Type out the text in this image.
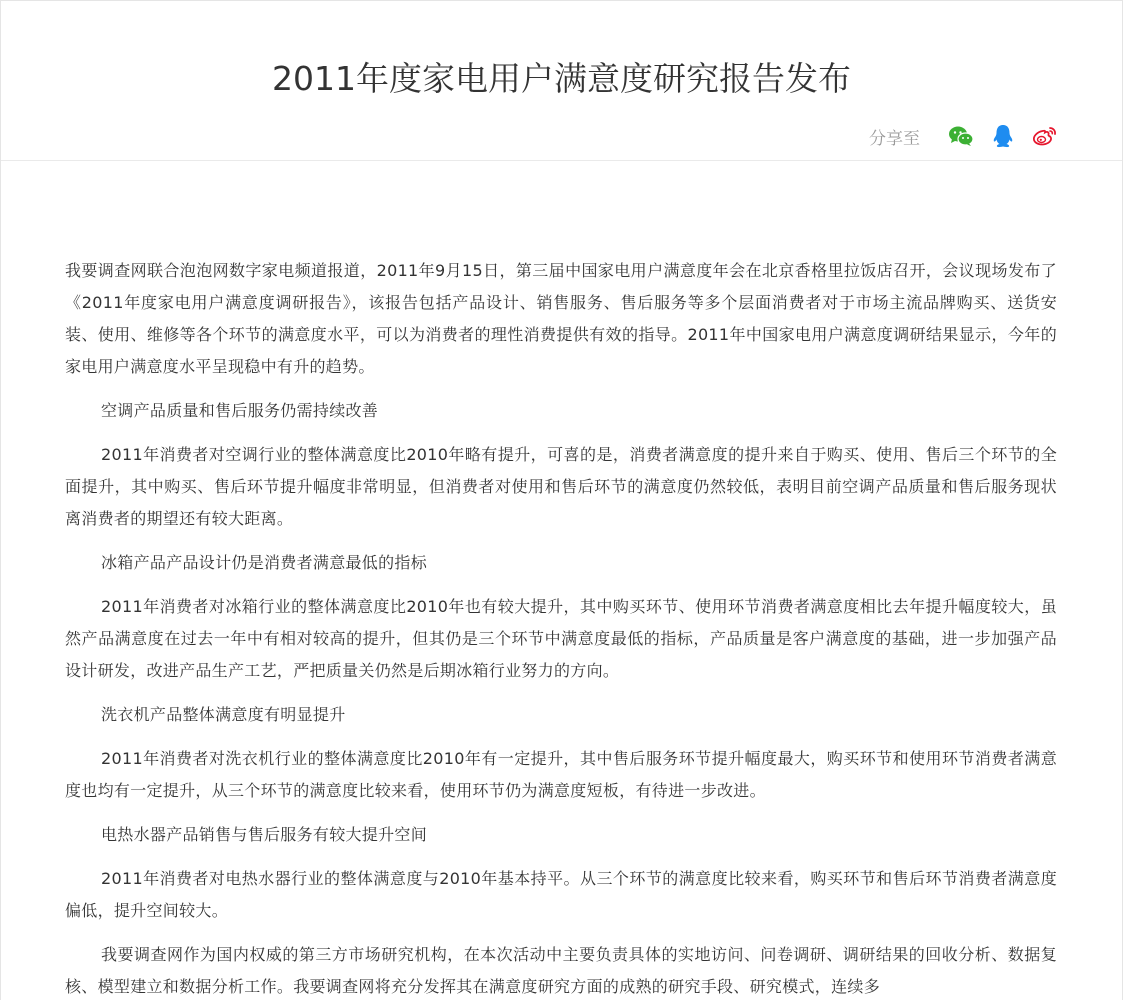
2011年度家电用户满意度研究报告发布
分享至

我要调查网联合泡泡网数字家电频道报道，2011年9月15日，第三届中国家电用户满意度年会在北京香格里拉饭店召开，会议现场发布了《2011年度家电用户满意度调研报告》，该报告包括产品设计、销售服务、售后服务等多个层面消费者对于市场主流品牌购买、送货安装、使用、维修等各个环节的满意度水平，可以为消费者的理性消费提供有效的指导。2011年中国家电用户满意度调研结果显示，今年的家电用户满意度水平呈现稳中有升的趋势。

空调产品质量和售后服务仍需持续改善

2011年消费者对空调行业的整体满意度比2010年略有提升，可喜的是，消费者满意度的提升来自于购买、使用、售后三个环节的全面提升，其中购买、售后环节提升幅度非常明显，但消费者对使用和售后环节的满意度仍然较低，表明目前空调产品质量和售后服务现状离消费者的期望还有较大距离。

冰箱产品产品设计仍是消费者满意最低的指标

2011年消费者对冰箱行业的整体满意度比2010年也有较大提升，其中购买环节、使用环节消费者满意度相比去年提升幅度较大，虽然产品满意度在过去一年中有相对较高的提升，但其仍是三个环节中满意度最低的指标，产品质量是客户满意度的基础，进一步加强产品设计研发，改进产品生产工艺，严把质量关仍然是后期冰箱行业努力的方向。

洗衣机产品整体满意度有明显提升

2011年消费者对洗衣机行业的整体满意度比2010年有一定提升，其中售后服务环节提升幅度最大，购买环节和使用环节消费者满意度也均有一定提升，从三个环节的满意度比较来看，使用环节仍为满意度短板，有待进一步改进。

电热水器产品销售与售后服务有较大提升空间

2011年消费者对电热水器行业的整体满意度与2010年基本持平。从三个环节的满意度比较来看，购买环节和售后环节消费者满意度偏低，提升空间较大。

我要调查网作为国内权威的第三方市场研究机构，在本次活动中主要负责具体的实地访问、问卷调研、调研结果的回收分析、数据复核、模型建立和数据分析工作。我要调查网将充分发挥其在满意度研究方面的成熟的研究手段、研究模式，连续多
